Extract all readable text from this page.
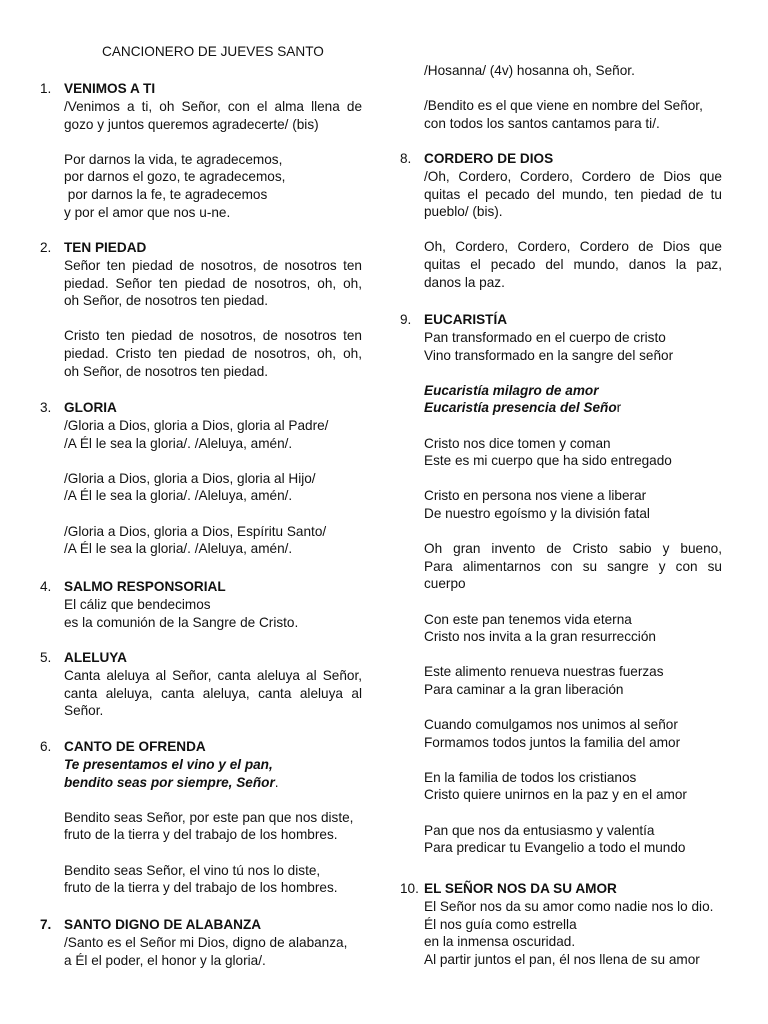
CANCIONERO DE JUEVES SANTO
1. VENIMOS A TI
/Venimos a ti, oh Señor, con el alma llena de
gozo y juntos queremos agradecerte/ (bis)
Por darnos la vida, te agradecemos,
por darnos el gozo, te agradecemos,
por darnos la fe, te agradecemos
y por el amor que nos u-ne.
2. TEN PIEDAD
Señor ten piedad de nosotros, de nosotros ten
piedad. Señor ten piedad de nosotros, oh, oh,
oh Señor, de nosotros ten piedad.
Cristo ten piedad de nosotros, de nosotros ten
piedad. Cristo ten piedad de nosotros, oh, oh,
oh Señor, de nosotros ten piedad.
3. GLORIA
/Gloria a Dios, gloria a Dios, gloria al Padre/
/A Él le sea la gloria/. /Aleluya, amén/.
/Gloria a Dios, gloria a Dios, gloria al Hijo/
/A Él le sea la gloria/. /Aleluya, amén/.
/Gloria a Dios, gloria a Dios, Espíritu Santo/
/A Él le sea la gloria/. /Aleluya, amén/.
4. SALMO RESPONSORIAL
El cáliz que bendecimos
es la comunión de la Sangre de Cristo.
5. ALELUYA
Canta aleluya al Señor, canta aleluya al Señor,
canta aleluya, canta aleluya, canta aleluya al
Señor.
6. CANTO DE OFRENDA
Te presentamos el vino y el pan,
bendito seas por siempre, Señor.
Bendito seas Señor, por este pan que nos diste,
fruto de la tierra y del trabajo de los hombres.
Bendito seas Señor, el vino tú nos lo diste,
fruto de la tierra y del trabajo de los hombres.
7. SANTO DIGNO DE ALABANZA
/Santo es el Señor mi Dios, digno de alabanza,
a Él el poder, el honor y la gloria/.
/Hosanna/ (4v) hosanna oh, Señor.
/Bendito es el que viene en nombre del Señor,
con todos los santos cantamos para ti/.
8. CORDERO DE DIOS
/Oh, Cordero, Cordero, Cordero de Dios que
quitas el pecado del mundo, ten piedad de tu
pueblo/ (bis).
Oh, Cordero, Cordero, Cordero de Dios que
quitas el pecado del mundo, danos la paz,
danos la paz.
9. EUCARISTÍA
Pan transformado en el cuerpo de cristo
Vino transformado en la sangre del señor
Eucaristía milagro de amor
Eucaristía presencia del Señor
Cristo nos dice tomen y coman
Este es mi cuerpo que ha sido entregado
Cristo en persona nos viene a liberar
De nuestro egoísmo y la división fatal
Oh gran invento de Cristo sabio y bueno,
Para alimentarnos con su sangre y con su
cuerpo
Con este pan tenemos vida eterna
Cristo nos invita a la gran resurrección
Este alimento renueva nuestras fuerzas
Para caminar a la gran liberación
Cuando comulgamos nos unimos al señor
Formamos todos juntos la familia del amor
En la familia de todos los cristianos
Cristo quiere unirnos en la paz y en el amor
Pan que nos da entusiasmo y valentía
Para predicar tu Evangelio a todo el mundo
10. EL SEÑOR NOS DA SU AMOR
El Señor nos da su amor como nadie nos lo dio.
Él nos guía como estrella
en la inmensa oscuridad.
Al partir juntos el pan, él nos llena de su amor
